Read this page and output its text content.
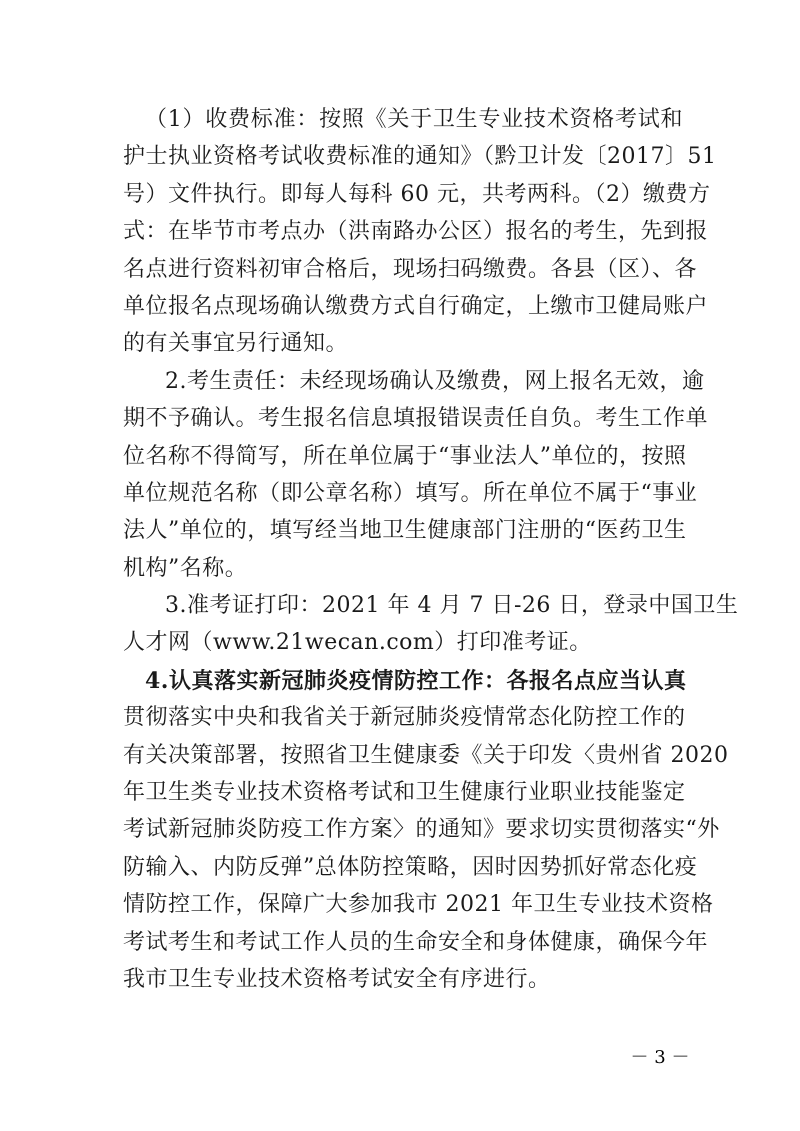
（1）收费标准：按照《关于卫生专业技术资格考试和
护士执业资格考试收费标准的通知》（黔卫计发〔2017〕51
号）文件执行。即每人每科 60 元，共考两科。（2）缴费方
式：在毕节市考点办（洪南路办公区）报名的考生，先到报
名点进行资料初审合格后，现场扫码缴费。各县（区）、各
单位报名点现场确认缴费方式自行确定，上缴市卫健局账户
的有关事宜另行通知。
2.考生责任：未经现场确认及缴费，网上报名无效，逾
期不予确认。考生报名信息填报错误责任自负。考生工作单
位名称不得简写，所在单位属于“事业法人”单位的，按照
单位规范名称（即公章名称）填写。所在单位不属于“事业
法人”单位的，填写经当地卫生健康部门注册的“医药卫生
机构”名称。
3.准考证打印：2021 年 4 月 7 日-26 日，登录中国卫生
人才网（www.21wecan.com）打印准考证。
4.认真落实新冠肺炎疫情防控工作：各报名点应当认真
贯彻落实中央和我省关于新冠肺炎疫情常态化防控工作的
有关决策部署，按照省卫生健康委《关于印发〈贵州省 2020
年卫生类专业技术资格考试和卫生健康行业职业技能鉴定
考试新冠肺炎防疫工作方案〉的通知》要求切实贯彻落实“外
防输入、内防反弹”总体防控策略，因时因势抓好常态化疫
情防控工作，保障广大参加我市 2021 年卫生专业技术资格
考试考生和考试工作人员的生命安全和身体健康，确保今年
我市卫生专业技术资格考试安全有序进行。
－ 3 －
